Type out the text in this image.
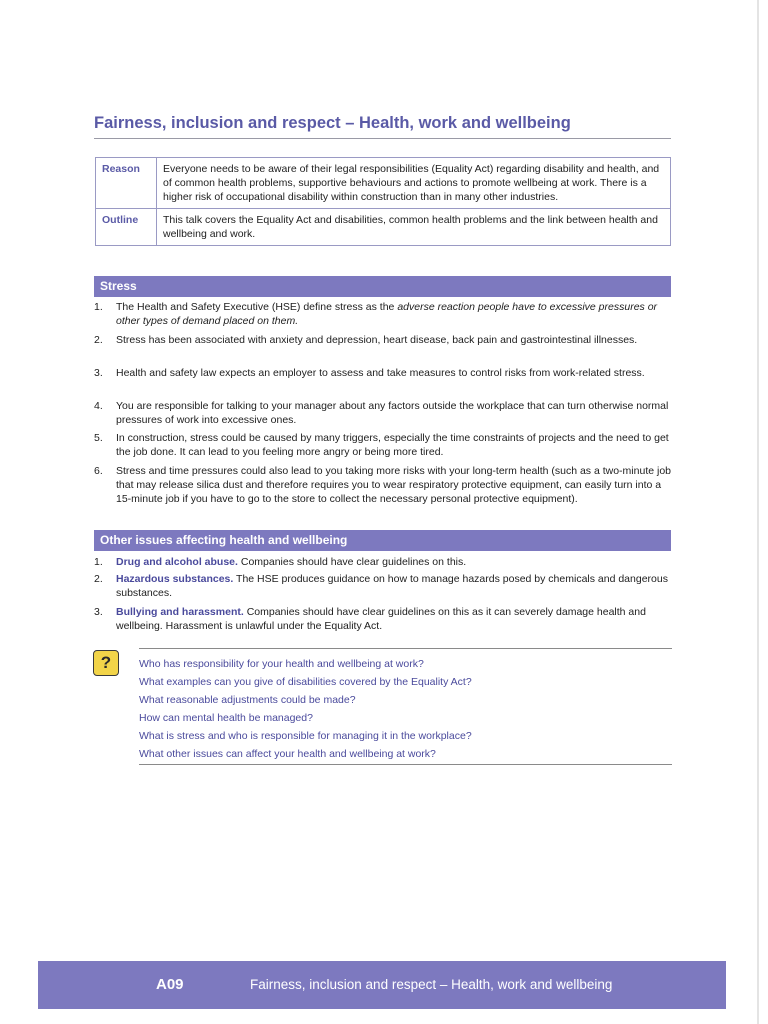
Fairness, inclusion and respect – Health, work and wellbeing
Reason	Everyone needs to be aware of their legal responsibilities (Equality Act) regarding disability and health, and of common health problems, supportive behaviours and actions to promote wellbeing at work. There is a higher risk of occupational disability within construction than in many other industries.
Outline	This talk covers the Equality Act and disabilities, common health problems and the link between health and wellbeing and work.
Stress
1.	The Health and Safety Executive (HSE) define stress as the adverse reaction people have to excessive pressures or other types of demand placed on them.
2.	Stress has been associated with anxiety and depression, heart disease, back pain and gastrointestinal illnesses.
3.	Health and safety law expects an employer to assess and take measures to control risks from work-related stress.
4.	You are responsible for talking to your manager about any factors outside the workplace that can turn otherwise normal pressures of work into excessive ones.
5.	In construction, stress could be caused by many triggers, especially the time constraints of projects and the need to get the job done. It can lead to you feeling more angry or being more tired.
6.	Stress and time pressures could also lead to you taking more risks with your long-term health (such as a two-minute job that may release silica dust and therefore requires you to wear respiratory protective equipment, can easily turn into a 15-minute job if you have to go to the store to collect the necessary personal protective equipment).
Other issues affecting health and wellbeing
1.	Drug and alcohol abuse. Companies should have clear guidelines on this.
2.	Hazardous substances. The HSE produces guidance on how to manage hazards posed by chemicals and dangerous substances.
3.	Bullying and harassment. Companies should have clear guidelines on this as it can severely damage health and wellbeing. Harassment is unlawful under the Equality Act.
?	Who has responsibility for your health and wellbeing at work?
What examples can you give of disabilities covered by the Equality Act?
What reasonable adjustments could be made?
How can mental health be managed?
What is stress and who is responsible for managing it in the workplace?
What other issues can affect your health and wellbeing at work?
A09	Fairness, inclusion and respect – Health, work and wellbeing
